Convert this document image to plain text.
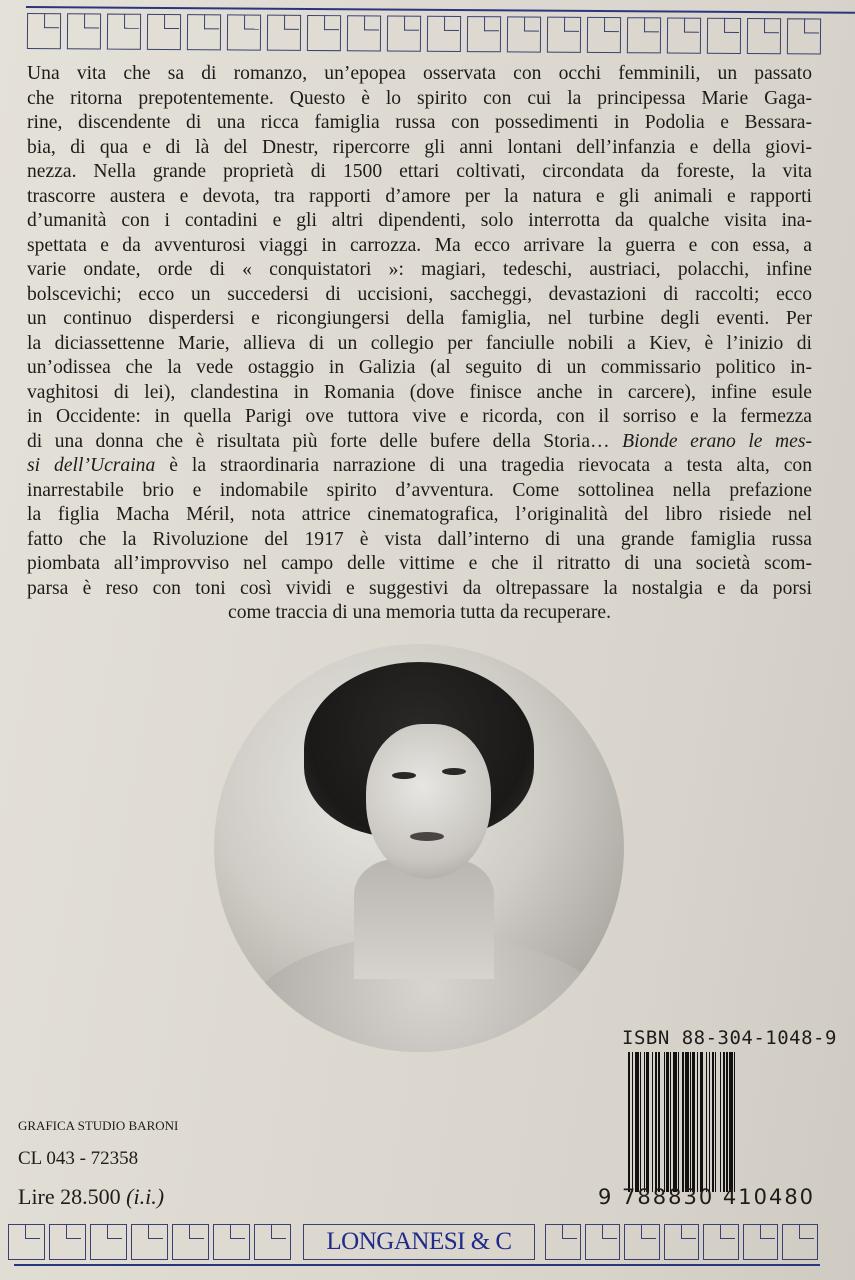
Una vita che sa di romanzo, un’epopea osservata con occhi femminili, un passato
che ritorna prepotentemente. Questo è lo spirito con cui la principessa Marie Gaga-
rine, discendente di una ricca famiglia russa con possedimenti in Podolia e Bessara-
bia, di qua e di là del Dnestr, ripercorre gli anni lontani dell’infanzia e della giovi-
nezza. Nella grande proprietà di 1500 ettari coltivati, circondata da foreste, la vita
trascorre austera e devota, tra rapporti d’amore per la natura e gli animali e rapporti
d’umanità con i contadini e gli altri dipendenti, solo interrotta da qualche visita ina-
spettata e da avventurosi viaggi in carrozza. Ma ecco arrivare la guerra e con essa, a
varie ondate, orde di « conquistatori »: magiari, tedeschi, austriaci, polacchi, infine
bolscevichi; ecco un succedersi di uccisioni, saccheggi, devastazioni di raccolti; ecco
un continuo disperdersi e ricongiungersi della famiglia, nel turbine degli eventi. Per
la diciassettenne Marie, allieva di un collegio per fanciulle nobili a Kiev, è l’inizio di
un’odissea che la vede ostaggio in Galizia (al seguito di un commissario politico in-
vaghitosi di lei), clandestina in Romania (dove finisce anche in carcere), infine esule
in Occidente: in quella Parigi ove tuttora vive e ricorda, con il sorriso e la fermezza
di una donna che è risultata più forte delle bufere della Storia… Bionde erano le mes-
si dell’Ucraina è la straordinaria narrazione di una tragedia rievocata a testa alta, con
inarrestabile brio e indomabile spirito d’avventura. Come sottolinea nella prefazione
la figlia Macha Méril, nota attrice cinematografica, l’originalità del libro risiede nel
fatto che la Rivoluzione del 1917 è vista dall’interno di una grande famiglia russa
piombata all’improvviso nel campo delle vittime e che il ritratto di una società scom-
parsa è reso con toni così vividi e suggestivi da oltrepassare la nostalgia e da porsi
come traccia di una memoria tutta da recuperare.
GRAFICA STUDIO BARONI
CL 043 - 72358
Lire 28.500 (i.i.)
ISBN 88-304-1048-9
9 788830 410480
LONGANESI & C
